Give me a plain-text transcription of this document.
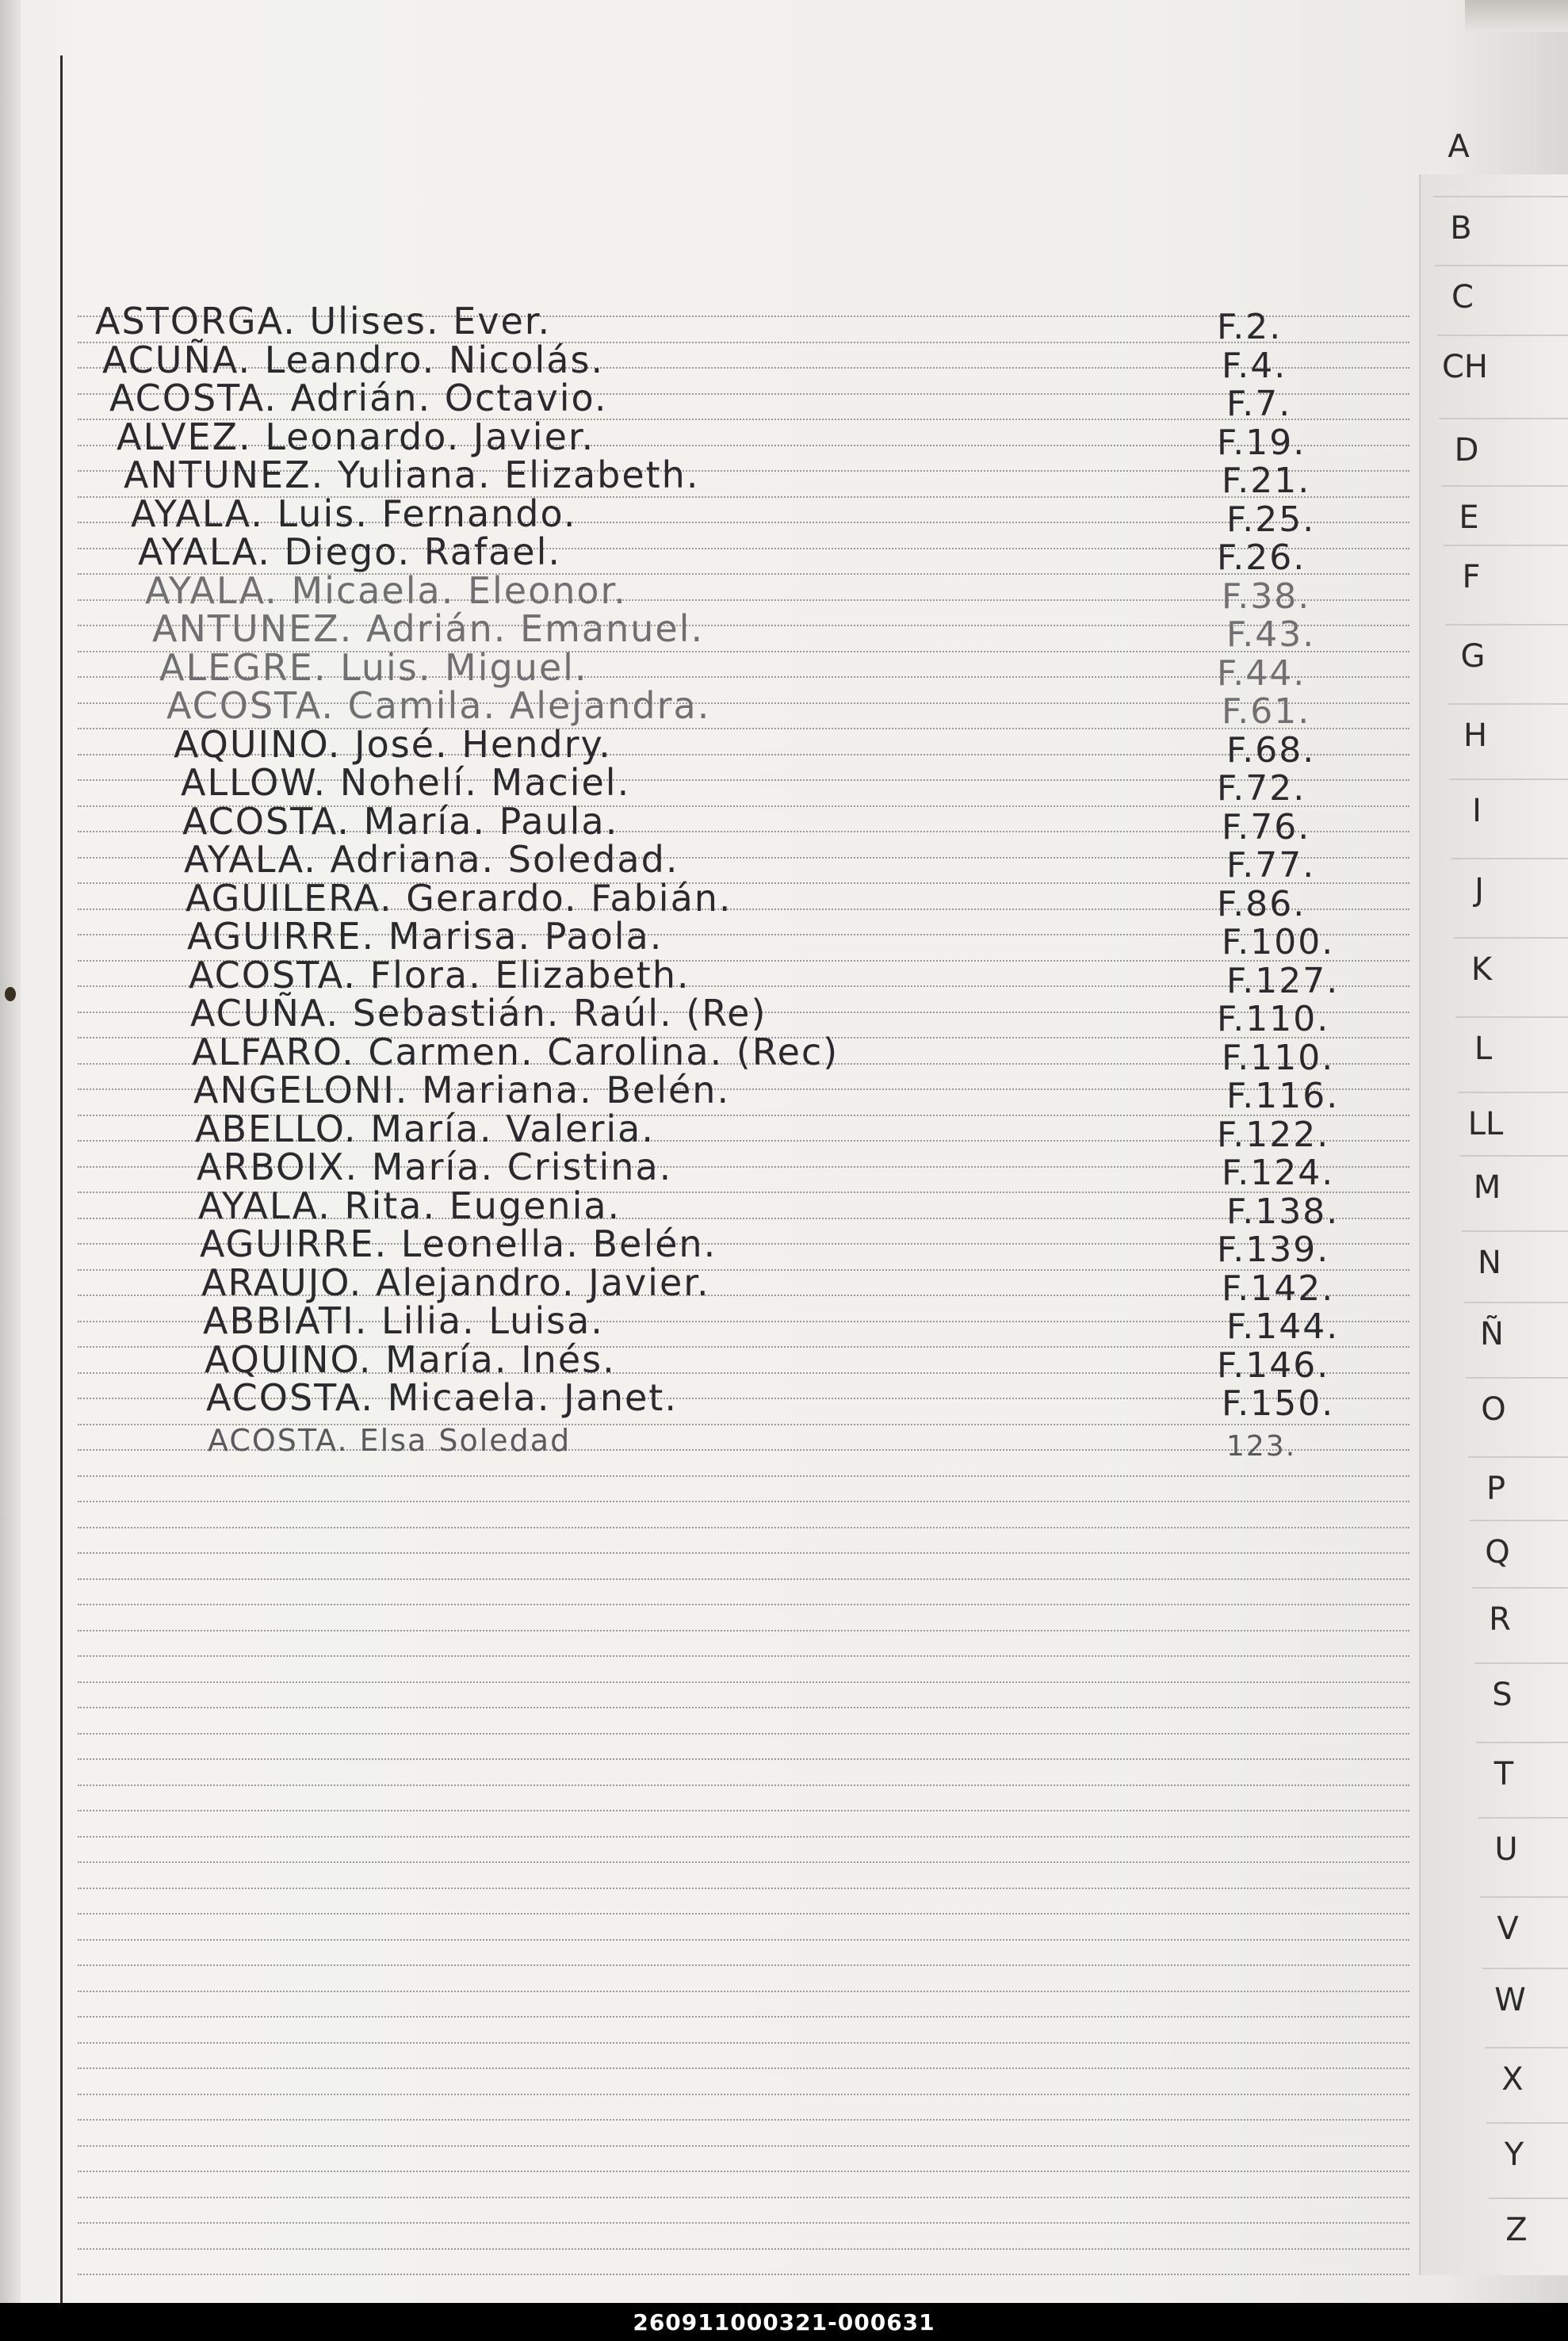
ASTORGA. Ulises. Ever.	F.2.
ACUÑA. Leandro. Nicolás.	F.4.
ACOSTA. Adrián. Octavio.	F.7.
ALVEZ. Leonardo. Javier.	F.19.
ANTUNEZ. Yuliana. Elizabeth.	F.21.
AYALA. Luis. Fernando.	F.25.
AYALA. Diego. Rafael.	F.26.
AYALA. Micaela. Eleonor.	F.38.
ANTUNEZ. Adrián. Emanuel.	F.43.
ALEGRE. Luis. Miguel.	F.44.
ACOSTA. Camila. Alejandra.	F.61.
AQUINO. José. Hendry.	F.68.
ALLOW. Nohelí. Maciel.	F.72.
ACOSTA. María. Paula.	F.76.
AYALA. Adriana. Soledad.	F.77.
AGUILERA. Gerardo. Fabián.	F.86.
AGUIRRE. Marisa. Paola.	F.100.
ACOSTA. Flora. Elizabeth.	F.127.
ACUÑA. Sebastián. Raúl. (Re)	F.110.
ALFARO. Carmen. Carolina. (Rec)	F.110.
ANGELONI. Mariana. Belén.	F.116.
ABELLO. María. Valeria.	F.122.
ARBOIX. María. Cristina.	F.124.
AYALA. Rita. Eugenia.	F.138.
AGUIRRE. Leonella. Belén.	F.139.
ARAUJO. Alejandro. Javier.	F.142.
ABBIATI. Lilia. Luisa.	F.144.
AQUINO. María. Inés.	F.146.
ACOSTA. Micaela. Janet.	F.150.
ACOSTA. Elsa Soledad	123.
A
B
C
CH
D
E
F
G
H
I
J
K
L
LL
M
N
Ñ
O
P
Q
R
S
T
U
V
W
X
Y
Z
260911000321-000631
